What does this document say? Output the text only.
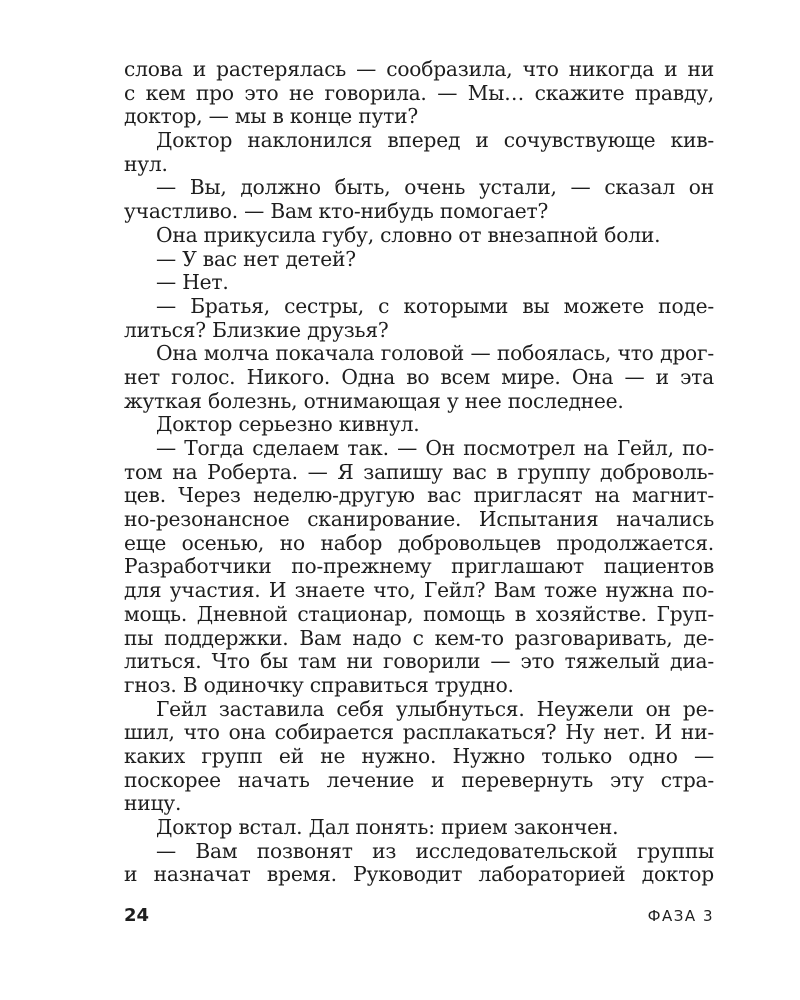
слова и растерялась — сообразила, что никогда и ни
с кем про это не говорила. — Мы… скажите правду,
доктор, — мы в конце пути?
Доктор наклонился вперед и сочувствующе кив-
нул.
— Вы, должно быть, очень устали, — сказал он
участливо. — Вам кто-нибудь помогает?
Она прикусила губу, словно от внезапной боли.
— У вас нет детей?
— Нет.
— Братья, сестры, с которыми вы можете поде-
литься? Близкие друзья?
Она молча покачала головой — побоялась, что дрог-
нет голос. Никого. Одна во всем мире. Она — и эта
жуткая болезнь, отнимающая у нее последнее.
Доктор серьезно кивнул.
— Тогда сделаем так. — Он посмотрел на Гейл, по-
том на Роберта. — Я запишу вас в группу доброволь-
цев. Через неделю-другую вас пригласят на магнит-
но-резонансное сканирование. Испытания начались
еще осенью, но набор добровольцев продолжается.
Разработчики по-прежнему приглашают пациентов
для участия. И знаете что, Гейл? Вам тоже нужна по-
мощь. Дневной стационар, помощь в хозяйстве. Груп-
пы поддержки. Вам надо с кем-то разговаривать, де-
литься. Что бы там ни говорили — это тяжелый диа-
гноз. В одиночку справиться трудно.
Гейл заставила себя улыбнуться. Неужели он ре-
шил, что она собирается расплакаться? Ну нет. И ни-
каких групп ей не нужно. Нужно только одно —
поскорее начать лечение и перевернуть эту стра-
ницу.
Доктор встал. Дал понять: прием закончен.
— Вам позвонят из исследовательской группы
и назначат время. Руководит лабораторией доктор
24	ФАЗА 3
